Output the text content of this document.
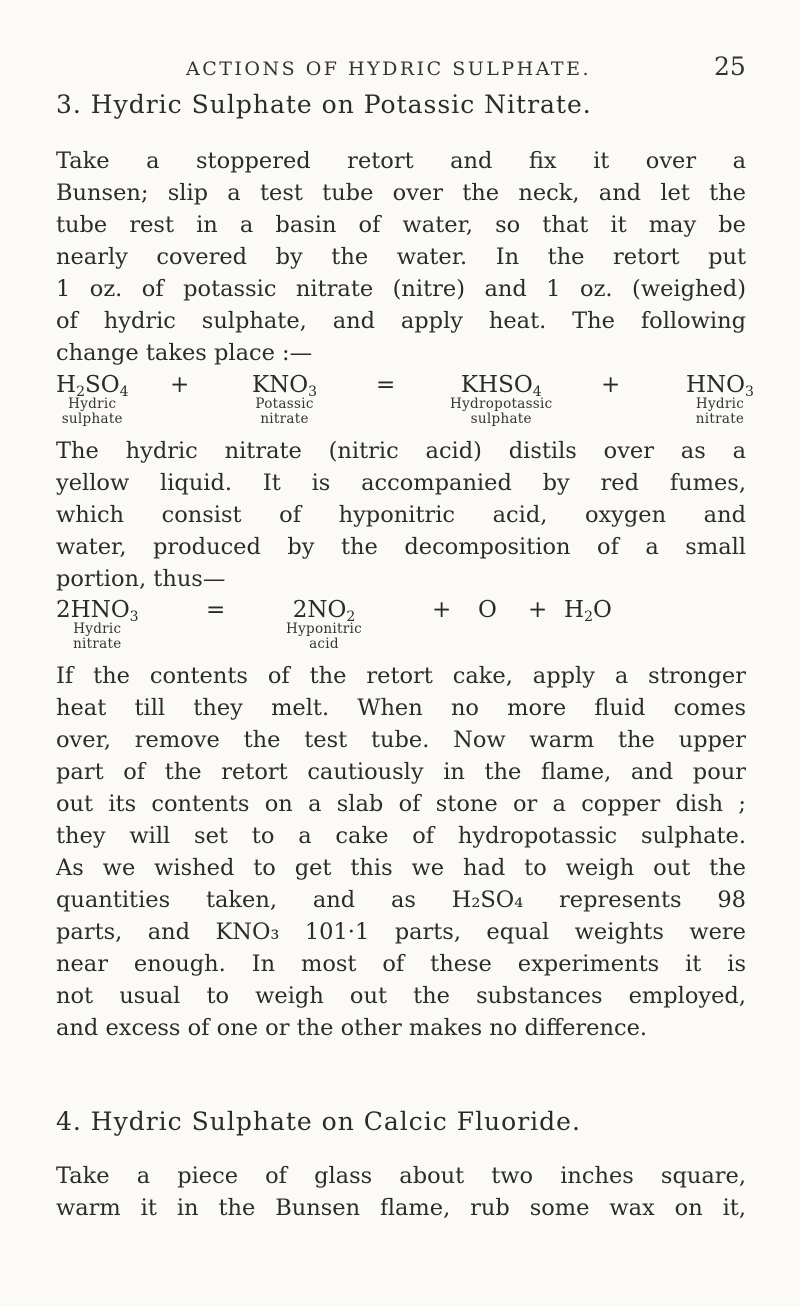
ACTIONS OF HYDRIC SULPHATE.	25
3. Hydric Sulphate on Potassic Nitrate.
Take a stoppered retort and fix it over a
Bunsen; slip a test tube over the neck, and let the
tube rest in a basin of water, so that it may be
nearly covered by the water. In the retort put
1 oz. of potassic nitrate (nitre) and 1 oz. (weighed)
of hydric sulphate, and apply heat. The following
change takes place :—
$H_2SO_4$
Hydric
sulphate
+	$KNO_3$
Potassic
nitrate
=	$KHSO_4$
Hydropotassic
sulphate
+	$HNO_3$
Hydric
nitrate
The hydric nitrate (nitric acid) distils over as a
yellow liquid. It is accompanied by red fumes,
which consist of hyponitric acid, oxygen and
water, produced by the decomposition of a small
portion, thus—
$2HNO_3$
Hydric
nitrate
=	$2NO_2$
Hyponitric
acid
+ $O + H_2O$
If the contents of the retort cake, apply a stronger
heat till they melt. When no more fluid comes
over, remove the test tube. Now warm the upper
part of the retort cautiously in the flame, and pour
out its contents on a slab of stone or a copper dish ;
they will set to a cake of hydropotassic sulphate.
As we wished to get this we had to weigh out the
quantities taken, and as H₂SO₄ represents 98
parts, and KNO₃ 101·1 parts, equal weights were
near enough. In most of these experiments it is
not usual to weigh out the substances employed,
and excess of one or the other makes no difference.
4. Hydric Sulphate on Calcic Fluoride.
Take a piece of glass about two inches square,
warm it in the Bunsen flame, rub some wax on it,
